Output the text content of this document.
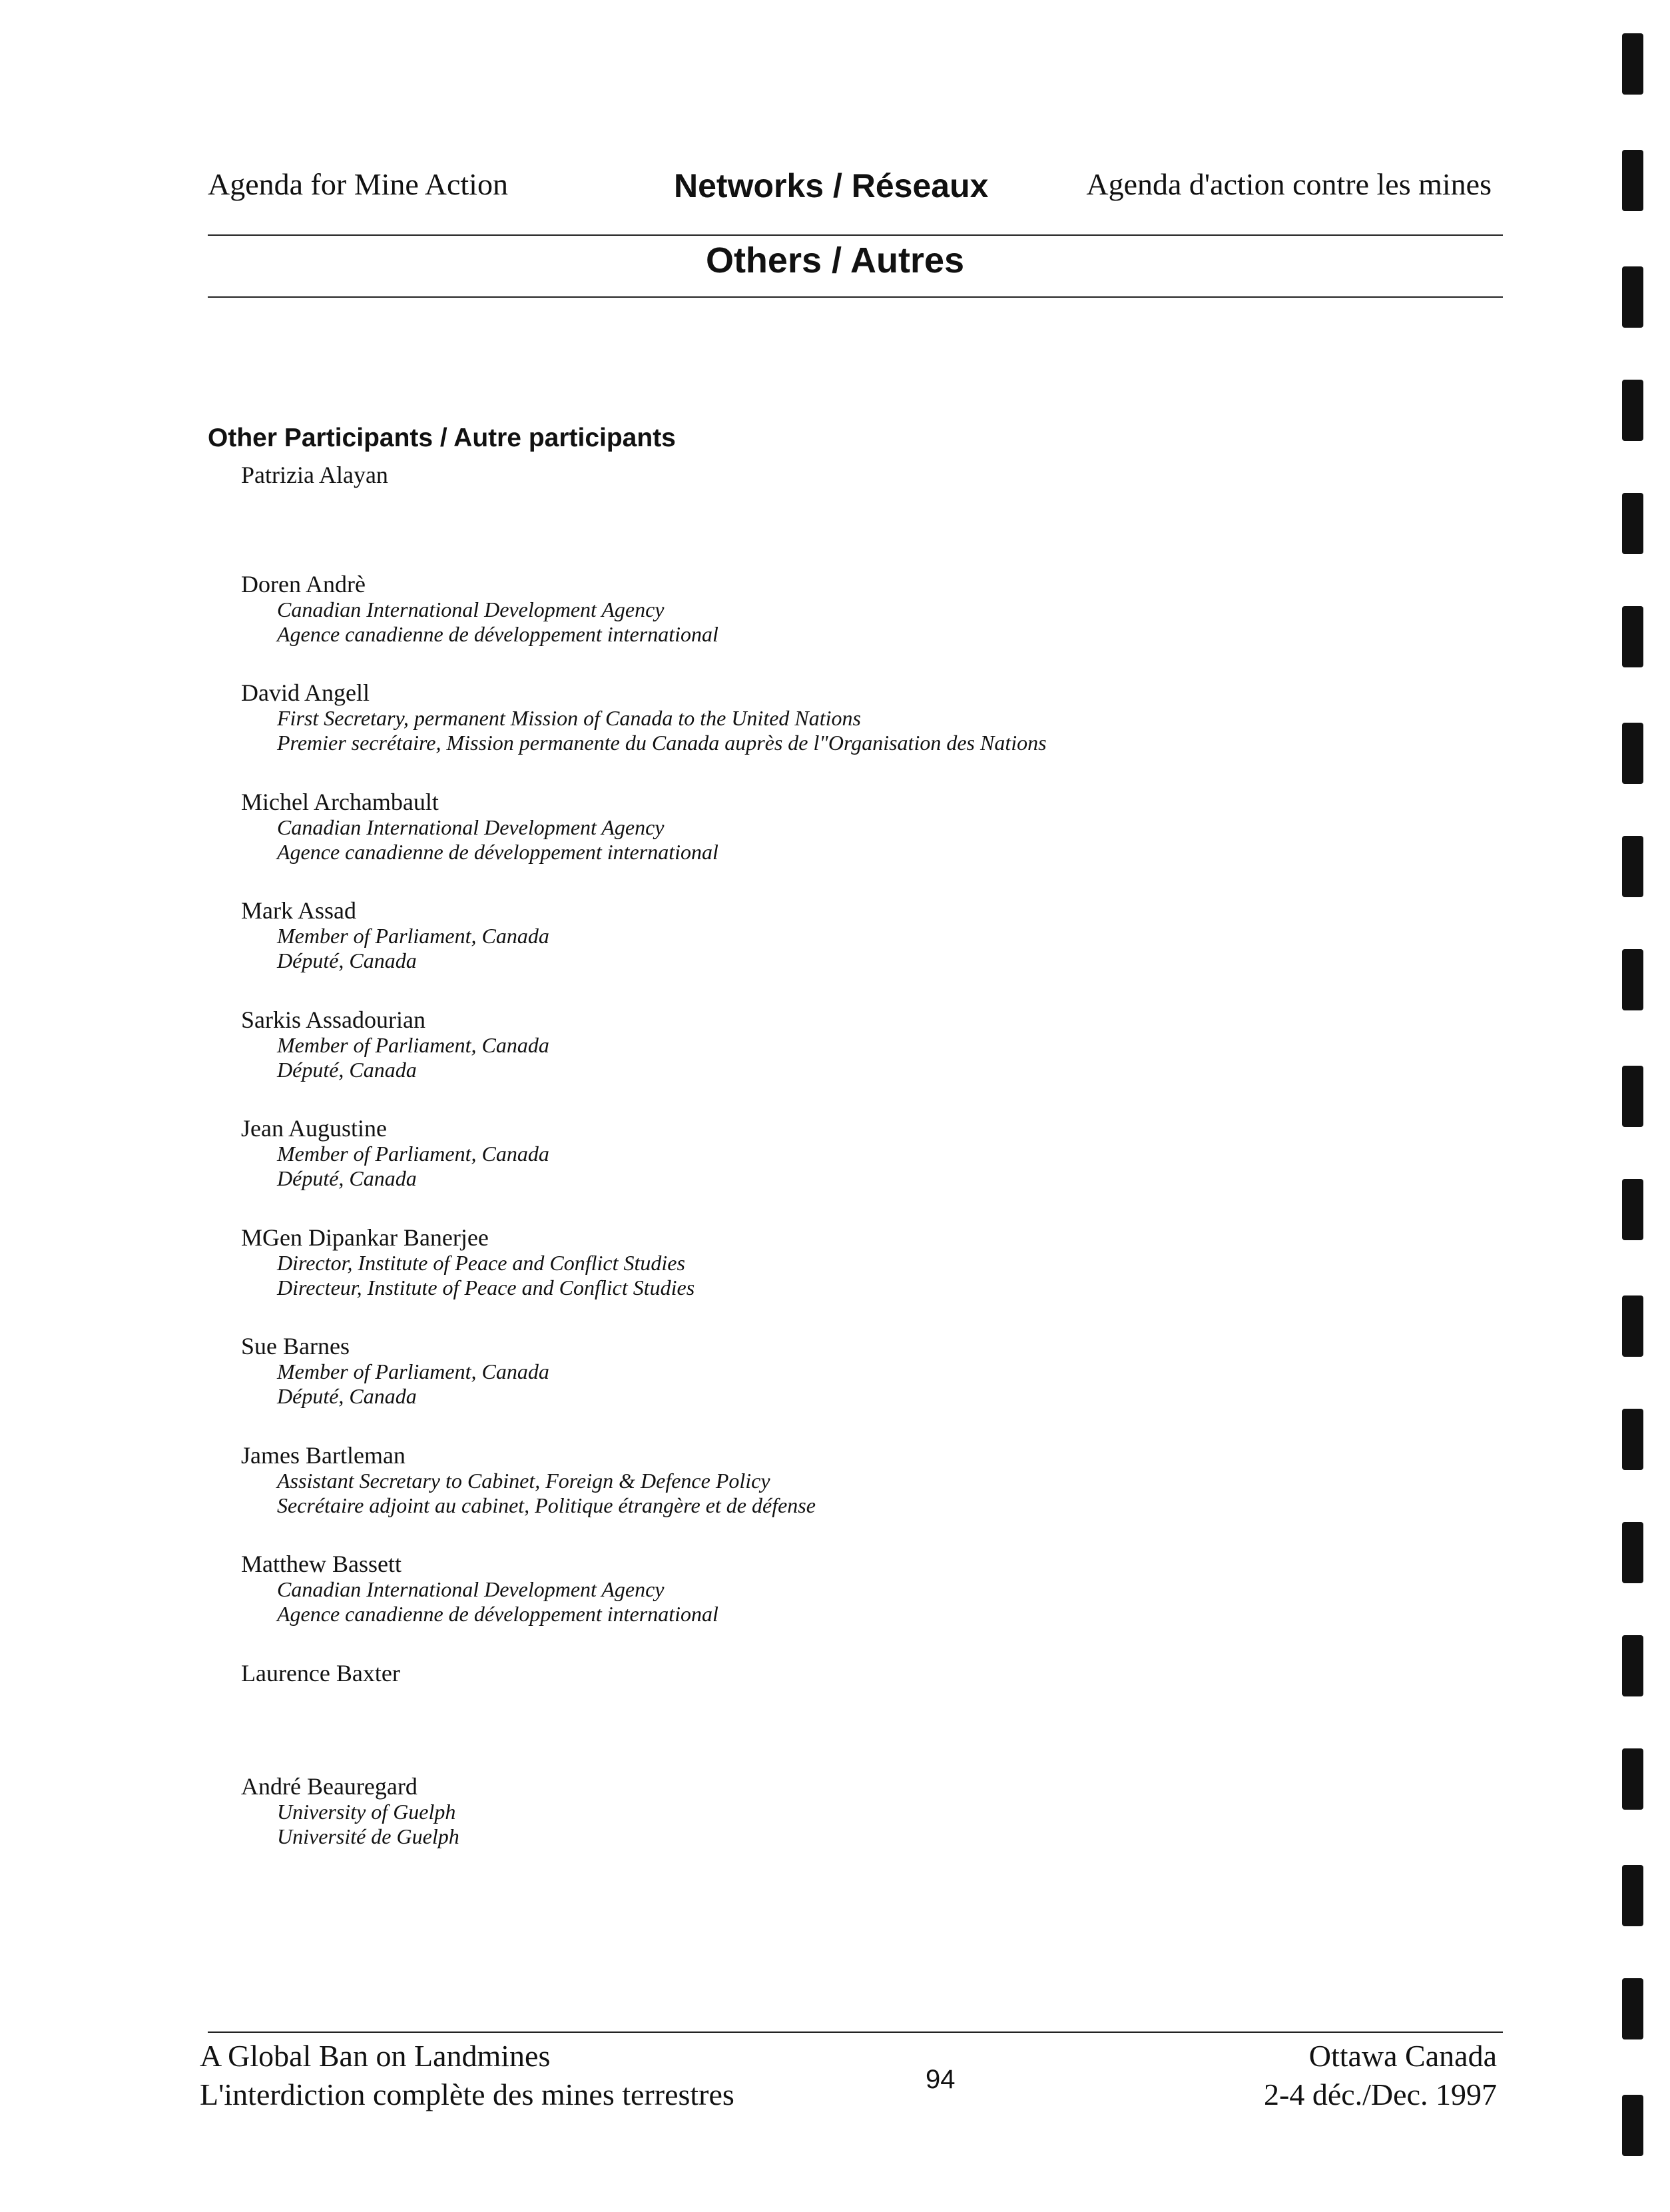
Agenda for Mine Action	Networks / Réseaux	Agenda d'action contre les mines
Others / Autres
Other Participants / Autre participants
Patrizia Alayan
Doren Andrè
Canadian International Development Agency
Agence canadienne de développement international
David Angell
First Secretary, permanent Mission of Canada to the United Nations
Premier secrétaire, Mission permanente du Canada auprès de l"Organisation des Nations
Michel Archambault
Canadian International Development Agency
Agence canadienne de développement international
Mark Assad
Member of Parliament, Canada
Député, Canada
Sarkis Assadourian
Member of Parliament, Canada
Député, Canada
Jean Augustine
Member of Parliament, Canada
Député, Canada
MGen Dipankar Banerjee
Director, Institute of Peace and Conflict Studies
Directeur, Institute of Peace and Conflict Studies
Sue Barnes
Member of Parliament, Canada
Député, Canada
James Bartleman
Assistant Secretary to Cabinet, Foreign & Defence Policy
Secrétaire adjoint au cabinet, Politique étrangère et de défense
Matthew Bassett
Canadian International Development Agency
Agence canadienne de développement international
Laurence Baxter
André Beauregard
University of Guelph
Université de Guelph
A Global Ban on Landmines
L'interdiction complète des mines terrestres	94
Ottawa Canada
2-4 déc./Dec. 1997
